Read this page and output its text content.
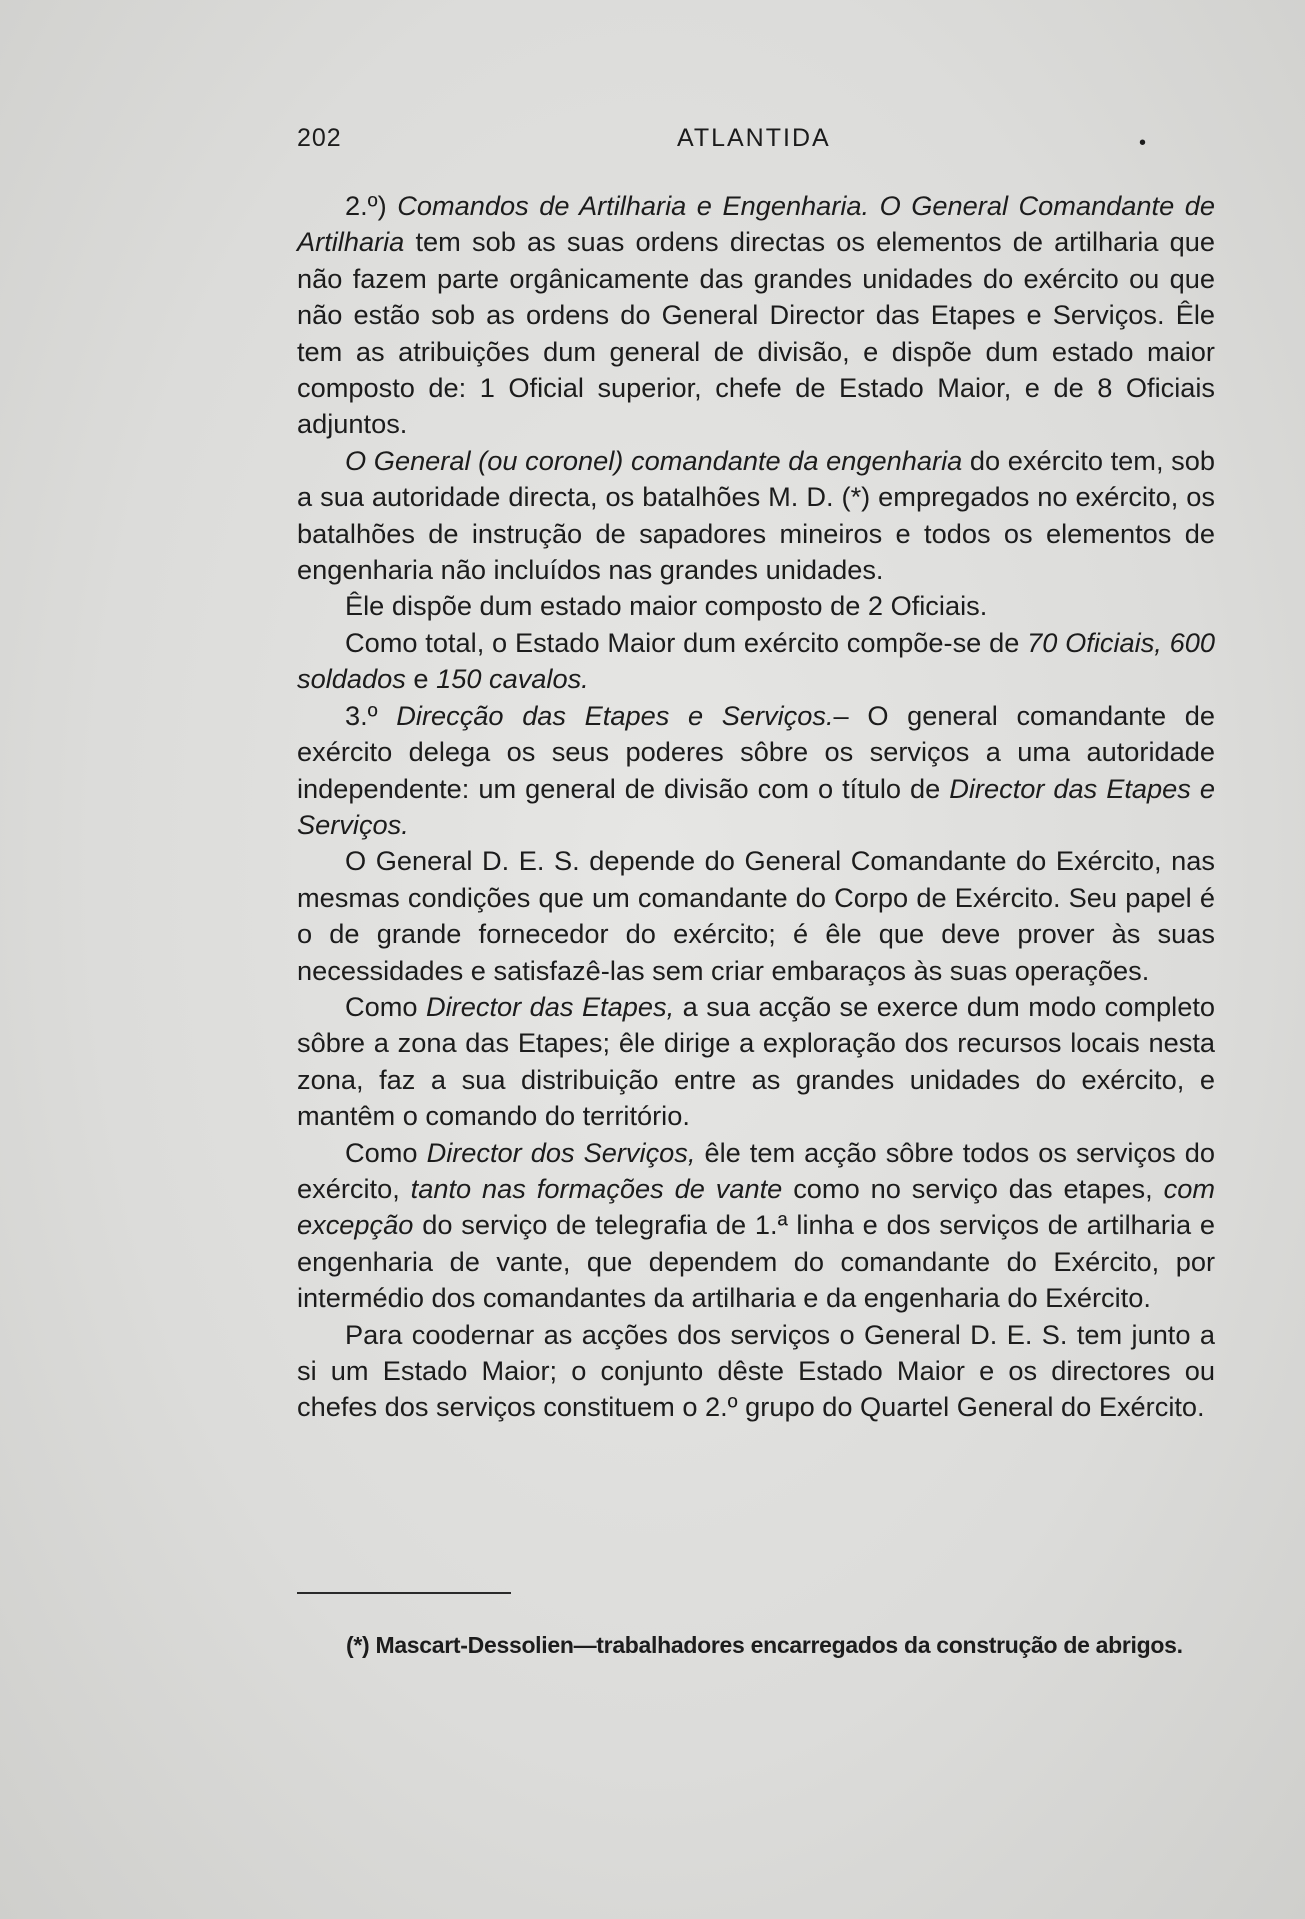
202	ATLANTIDA	•

2.º) Comandos de Artilharia e Engenharia. O General Comandante de Artilharia tem sob as suas ordens directas os elementos de artilharia que não fazem parte orgânicamente das grandes unidades do exército ou que não estão sob as ordens do General Director das Etapes e Serviços. Êle tem as atribuições dum general de divisão, e dispõe dum estado maior composto de: 1 Oficial superior, chefe de Estado Maior, e de 8 Oficiais adjuntos.

O General (ou coronel) comandante da engenharia do exército tem, sob a sua autoridade directa, os batalhões M. D. (*) empregados no exército, os batalhões de instrução de sapadores mineiros e todos os elementos de engenharia não incluídos nas grandes unidades.

Êle dispõe dum estado maior composto de 2 Oficiais.

Como total, o Estado Maior dum exército compõe-se de 70 Oficiais, 600 soldados e 150 cavalos.

3.º Direcção das Etapes e Serviços.– O general comandante de exército delega os seus poderes sôbre os serviços a uma autoridade independente: um general de divisão com o título de Director das Etapes e Serviços.

O General D. E. S. depende do General Comandante do Exército, nas mesmas condições que um comandante do Corpo de Exército. Seu papel é o de grande fornecedor do exército; é êle que deve prover às suas necessidades e satisfazê-las sem criar embaraços às suas operações.

Como Director das Etapes, a sua acção se exerce dum modo completo sôbre a zona das Etapes; êle dirige a exploração dos recursos locais nesta zona, faz a sua distribuição entre as grandes unidades do exército, e mantêm o comando do território.

Como Director dos Serviços, êle tem acção sôbre todos os serviços do exército, tanto nas formações de vante como no serviço das etapes, com excepção do serviço de telegrafia de 1.ª linha e dos serviços de artilharia e engenharia de vante, que dependem do comandante do Exército, por intermédio dos comandantes da artilharia e da engenharia do Exército.

Para coodernar as acções dos serviços o General D. E. S. tem junto a si um Estado Maior; o conjunto dêste Estado Maior e os directores ou chefes dos serviços constituem o 2.º grupo do Quartel General do Exército.

(*) Mascart-Dessolien—trabalhadores encarregados da construção de abrigos.
